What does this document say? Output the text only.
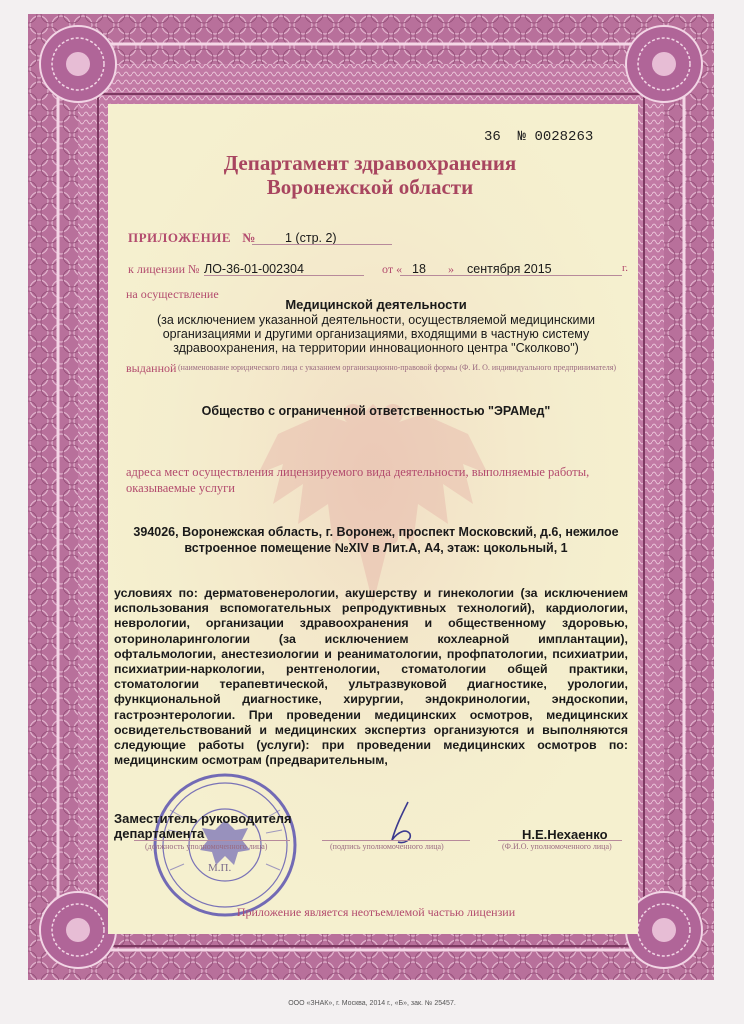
36 № 0028263
Департамент здравоохранения
Воронежской области
ПРИЛОЖЕНИЕ № 1 (стр. 2)
к лицензии № ЛО-36-01-002304	от « 18 » сентября 2015	г.
на осуществление
Медицинской деятельности
(за исключением указанной деятельности, осуществляемой медицинскими организациями и другими организациями, входящими в частную систему здравоохранения, на территории инновационного центра "Сколково")
выданной (наименование юридического лица с указанием организационно-правовой формы (Ф. И. О. индивидуального предпринимателя)
Общество с ограниченной ответственностью "ЭРАМед"
адреса мест осуществления лицензируемого вида деятельности, выполняемые работы, оказываемые услуги
394026, Воронежская область, г. Воронеж, проспект Московский, д.6, нежилое встроенное помещение №XIV в Лит.А, А4, этаж: цокольный, 1
условиях по: дерматовенерологии, акушерству и гинекологии (за исключением использования вспомогательных репродуктивных технологий), кардиологии, неврологии, организации здравоохранения и общественному здоровью, оториноларингологии (за исключением кохлеарной имплантации), офтальмологии, анестезиологии и реаниматологии, профпатологии, психиатрии, психиатрии-наркологии, рентгенологии, стоматологии общей практики, стоматологии терапевтической, ультразвуковой диагностике, урологии, функциональной диагностике, хирургии, эндокринологии, эндоскопии, гастроэнтерологии. При проведении медицинских осмотров, медицинских освидетельствований и медицинских экспертиз организуются и выполняются следующие работы (услуги): при проведении медицинских осмотров по: медицинским осмотрам (предварительным,
Заместитель руководителя
департамента
(должность уполномоченного лица)	(подпись уполномоченного лица)
Н.Е.Нехаенко
(Ф.И.О. уполномоченного лица)
М.П.
Приложение является неотъемлемой частью лицензии
ООО «ЗНАК», г. Москва, 2014 г., «Б», зак. № 25457.
